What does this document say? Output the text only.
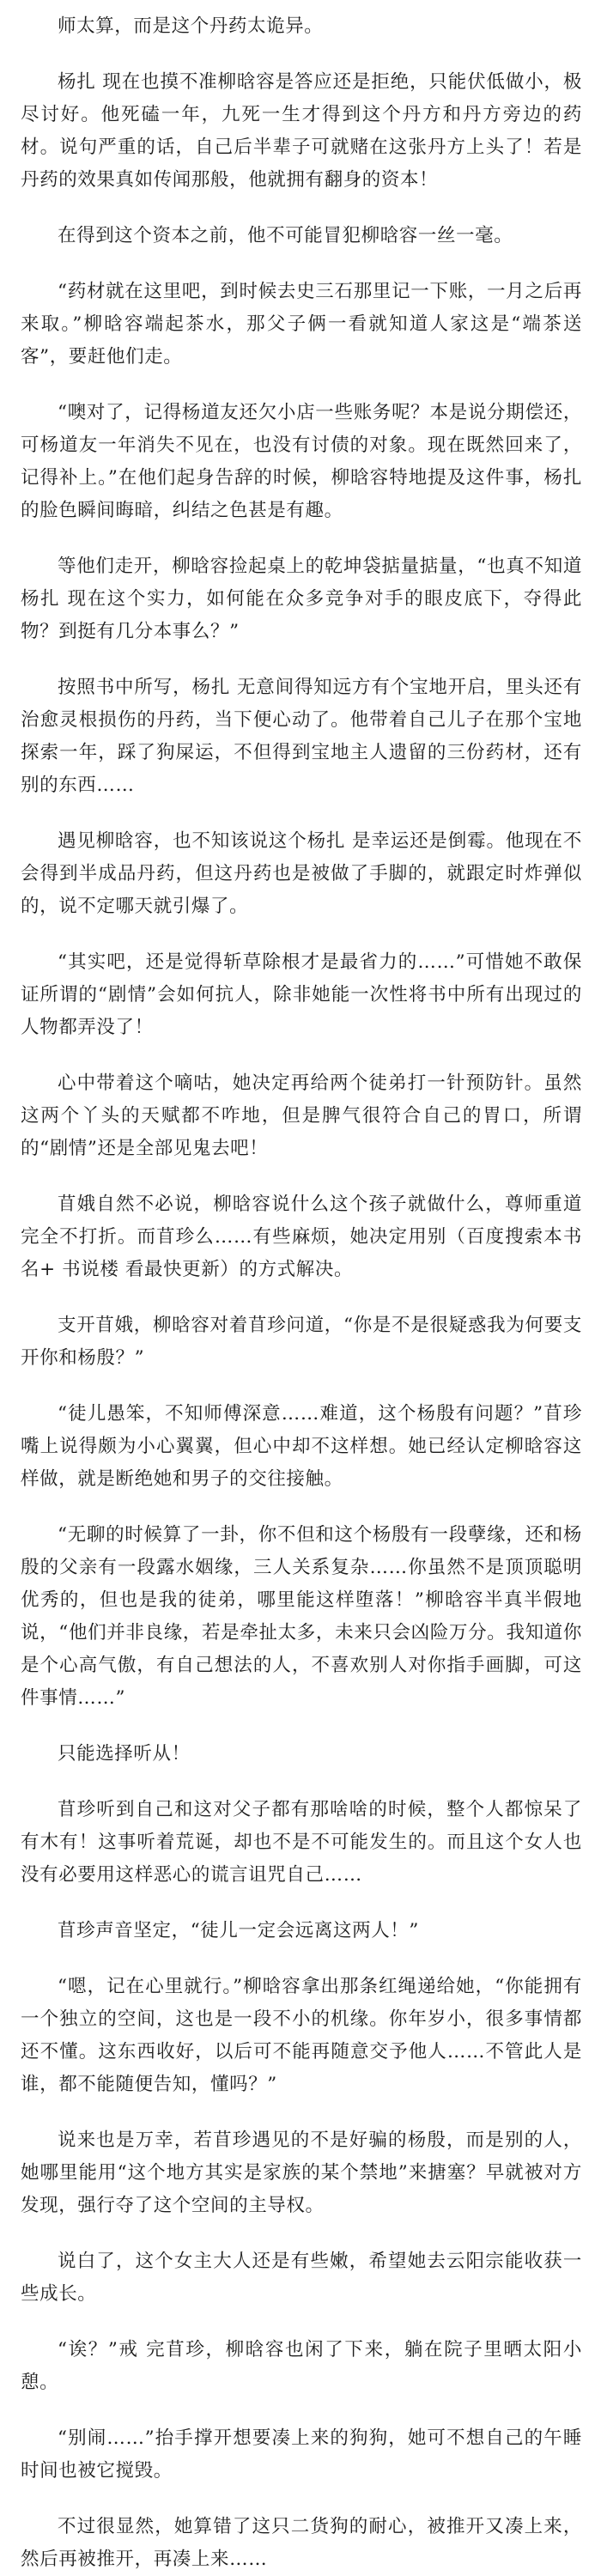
师太算，而是这个丹药太诡异。

杨扎 现在也摸不准柳晗容是答应还是拒绝，只能伏低做小，极尽讨好。他死磕一年，九死一生才得到这个丹方和丹方旁边的药材。说句严重的话，自己后半辈子可就赌在这张丹方上头了！若是丹药的效果真如传闻那般，他就拥有翻身的资本！

在得到这个资本之前，他不可能冒犯柳晗容一丝一毫。

“药材就在这里吧，到时候去史三石那里记一下账，一月之后再来取。”柳晗容端起茶水，那父子俩一看就知道人家这是“端茶送客”，要赶他们走。

“噢对了，记得杨道友还欠小店一些账务呢？本是说分期偿还，可杨道友一年消失不见在，也没有讨债的对象。现在既然回来了，记得补上。”在他们起身告辞的时候，柳晗容特地提及这件事，杨扎 的脸色瞬间晦暗，纠结之色甚是有趣。

等他们走开，柳晗容捡起桌上的乾坤袋掂量掂量，“也真不知道杨扎 现在这个实力，如何能在众多竞争对手的眼皮底下，夺得此物？到挺有几分本事么？”

按照书中所写，杨扎 无意间得知远方有个宝地开启，里头还有治愈灵根损伤的丹药，当下便心动了。他带着自己儿子在那个宝地探索一年，踩了狗屎运，不但得到宝地主人遗留的三份药材，还有别的东西……

遇见柳晗容，也不知该说这个杨扎 是幸运还是倒霉。他现在不会得到半成品丹药，但这丹药也是被做了手脚的，就跟定时炸弹似的，说不定哪天就引爆了。

“其实吧，还是觉得斩草除根才是最省力的……”可惜她不敢保证所谓的“剧情”会如何抗人，除非她能一次性将书中所有出现过的人物都弄没了！

心中带着这个嘀咕，她决定再给两个徒弟打一针预防针。虽然这两个丫头的天赋都不咋地，但是脾气很符合自己的胃口，所谓的“剧情”还是全部见鬼去吧！

苜娥自然不必说，柳晗容说什么这个孩子就做什么，尊师重道完全不打折。而苜珍么……有些麻烦，她决定用别（百度搜索本书名+ 书说楼 看最快更新）的方式解决。

支开苜娥，柳晗容对着苜珍问道，“你是不是很疑惑我为何要支开你和杨殷？”

“徒儿愚笨，不知师傅深意……难道，这个杨殷有问题？”苜珍嘴上说得颇为小心翼翼，但心中却不这样想。她已经认定柳晗容这样做，就是断绝她和男子的交往接触。

“无聊的时候算了一卦，你不但和这个杨殷有一段孽缘，还和杨殷的父亲有一段露水姻缘，三人关系复杂……你虽然不是顶顶聪明优秀的，但也是我的徒弟，哪里能这样堕落！”柳晗容半真半假地说，“他们并非良缘，若是牵扯太多，未来只会凶险万分。我知道你是个心高气傲，有自己想法的人，不喜欢别人对你指手画脚，可这件事情……”

只能选择听从！

苜珍听到自己和这对父子都有那啥啥的时候，整个人都惊呆了有木有！这事听着荒诞，却也不是不可能发生的。而且这个女人也没有必要用这样恶心的谎言诅咒自己……

苜珍声音坚定，“徒儿一定会远离这两人！”

“嗯，记在心里就行。”柳晗容拿出那条红绳递给她，“你能拥有一个独立的空间，这也是一段不小的机缘。你年岁小，很多事情都还不懂。这东西收好，以后可不能再随意交予他人……不管此人是谁，都不能随便告知，懂吗？”

说来也是万幸，若苜珍遇见的不是好骗的杨殷，而是别的人，她哪里能用“这个地方其实是家族的某个禁地”来搪塞？早就被对方发现，强行夺了这个空间的主导权。

说白了，这个女主大人还是有些嫩，希望她去云阳宗能收获一些成长。

“诶？”戒 完苜珍，柳晗容也闲了下来，躺在院子里晒太阳小憩。

“别闹……”抬手撑开想要凑上来的狗狗，她可不想自己的午睡时间也被它搅毁。

不过很显然，她算错了这只二货狗的耐心，被推开又凑上来，然后再被推开，再凑上来……
